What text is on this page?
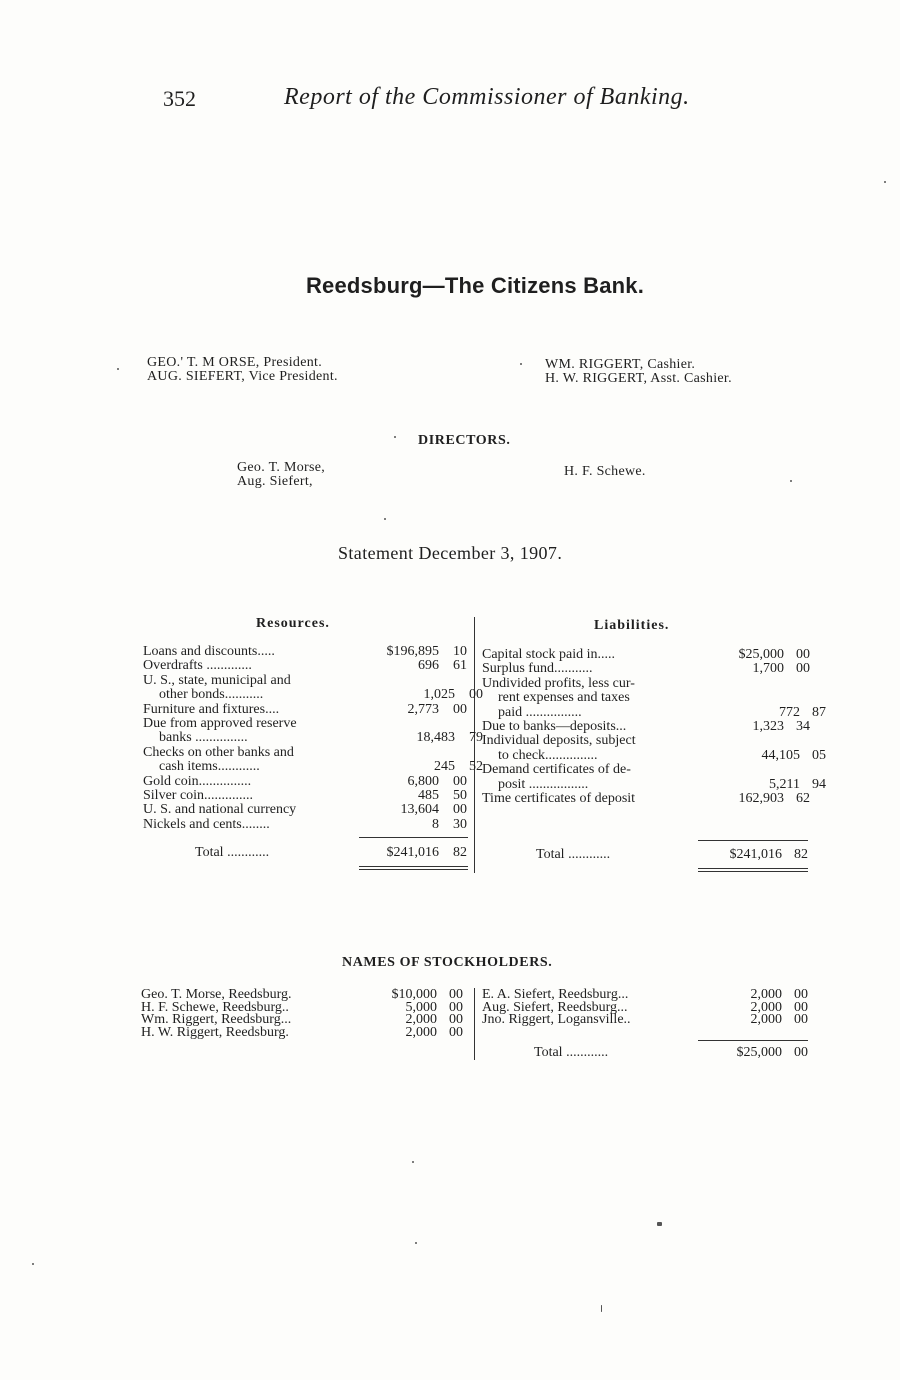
352	Report of the Commissioner of Banking.
Reedsburg—The Citizens Bank.
GEO.' T. M ORSE, President.
AUG. SIEFERT, Vice President.
WM. RIGGERT, Cashier.
H. W. RIGGERT, Asst. Cashier.
DIRECTORS.
Geo. T. Morse,
Aug. Siefert,
H. F. Schewe.
Statement December 3, 1907.
Resources.	Liabilities.
Loans and discounts.....	$196,895	10
Overdrafts .............	696	61
U. S., state, municipal and
other bonds...........	1,025	00
Furniture and fixtures....	2,773	00
Due from approved reserve
banks ...............	18,483	79
Checks on other banks and
cash items............	245	52
Gold coin...............	6,800	00
Silver coin..............	485	50
U. S. and national currency	13,604	00
Nickels and cents........	8	30
Total ............	$241,016	82
Capital stock paid in.....	$25,000 00
Surplus fund...........	1,700 00
Undivided profits, less cur-
rent expenses and taxes
paid ................	772 87
Due to banks—deposits...	1,323 34
Individual deposits, subject
to check...............	44,105 05
Demand certificates of de-
posit .................	5,211 94
Time certificates of deposit	162,903 62
Total ............	$241,016 82
NAMES OF STOCKHOLDERS.
Geo. T. Morse, Reedsburg.	$10,000 00
H. F. Schewe, Reedsburg..	5,000 00
Wm. Riggert, Reedsburg...	2,000 00
H. W. Riggert, Reedsburg.	2,000 00
E. A. Siefert, Reedsburg...	2,000 00
Aug. Siefert, Reedsburg...	2,000 00
Jno. Riggert, Logansville..	2,000 00
Total ............	$25,000 00
